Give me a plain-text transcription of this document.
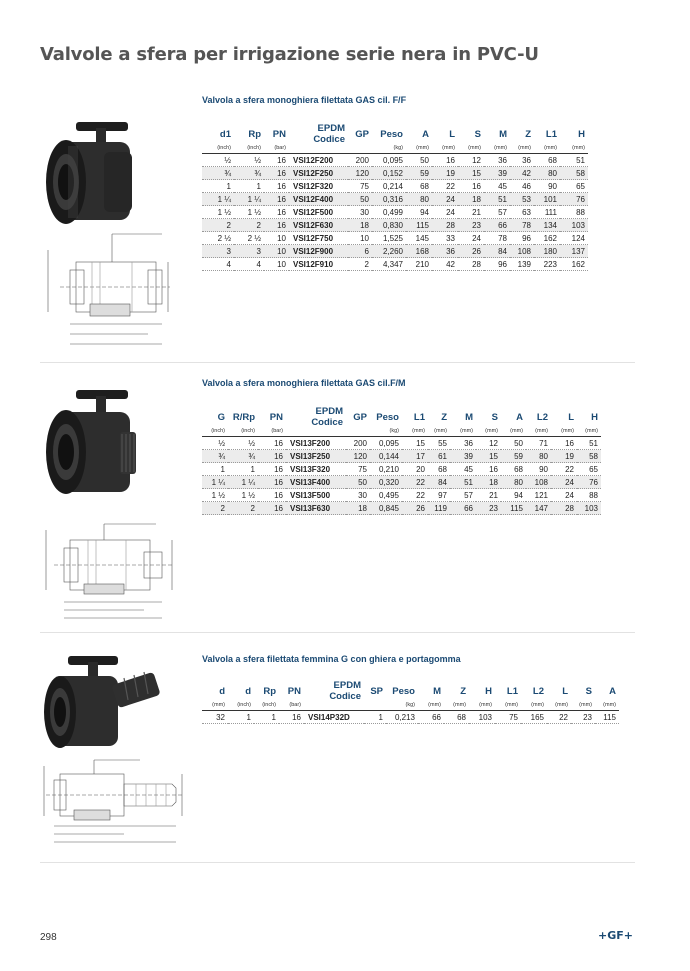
Valvole a sfera per irrigazione serie nera in PVC-U
Valvola a sfera monoghiera filettata GAS cil. F/F
d1	Rp	PN	EPDM
Codice	GP	Peso	A	L	S	M	Z	L1	H
(inch)	(inch)	(bar)			(kg)	(mm)	(mm)	(mm)	(mm)	(mm)	(mm)	(mm)
½	½	16	VSI12F200	200	0,095	50	16	12	36	36	68	51
¾	¾	16	VSI12F250	120	0,152	59	19	15	39	42	80	58
1	1	16	VSI12F320	75	0,214	68	22	16	45	46	90	65
1 ¼	1 ¼	16	VSI12F400	50	0,316	80	24	18	51	53	101	76
1 ½	1 ½	16	VSI12F500	30	0,499	94	24	21	57	63	111	88
2	2	16	VSI12F630	18	0,830	115	28	23	66	78	134	103
2 ½	2 ½	10	VSI12F750	10	1,525	145	33	24	78	96	162	124
3	3	10	VSI12F900	6	2,260	168	36	26	84	108	180	137
4	4	10	VSI12F910	2	4,347	210	42	28	96	139	223	162
Valvola a sfera monoghiera filettata GAS cil.F/M
G	R/Rp	PN	EPDM
Codice	GP	Peso	L1	Z	M	S	A	L2	L	H
(inch)	(inch)	(bar)			(kg)	(mm)	(mm)	(mm)	(mm)	(mm)	(mm)	(mm)	(mm)
½	½	16	VSI13F200	200	0,095	15	55	36	12	50	71	16	51
¾	¾	16	VSI13F250	120	0,144	17	61	39	15	59	80	19	58
1	1	16	VSI13F320	75	0,210	20	68	45	16	68	90	22	65
1 ¼	1 ¼	16	VSI13F400	50	0,320	22	84	51	18	80	108	24	76
1 ½	1 ½	16	VSI13F500	30	0,495	22	97	57	21	94	121	24	88
2	2	16	VSI13F630	18	0,845	26	119	66	23	115	147	28	103
Valvola a sfera filettata femmina G con ghiera e portagomma
d	d	Rp	PN	EPDM
Codice	SP	Peso	M	Z	H	L1	L2	L	S	A
(mm)	(inch)	(inch)	(bar)			(kg)	(mm)	(mm)	(mm)	(mm)	(mm)	(mm)	(mm)	(mm)
32	1	1	16	VSI14P32D	1	0,213	66	68	103	75	165	22	23	115
298	+GF+
